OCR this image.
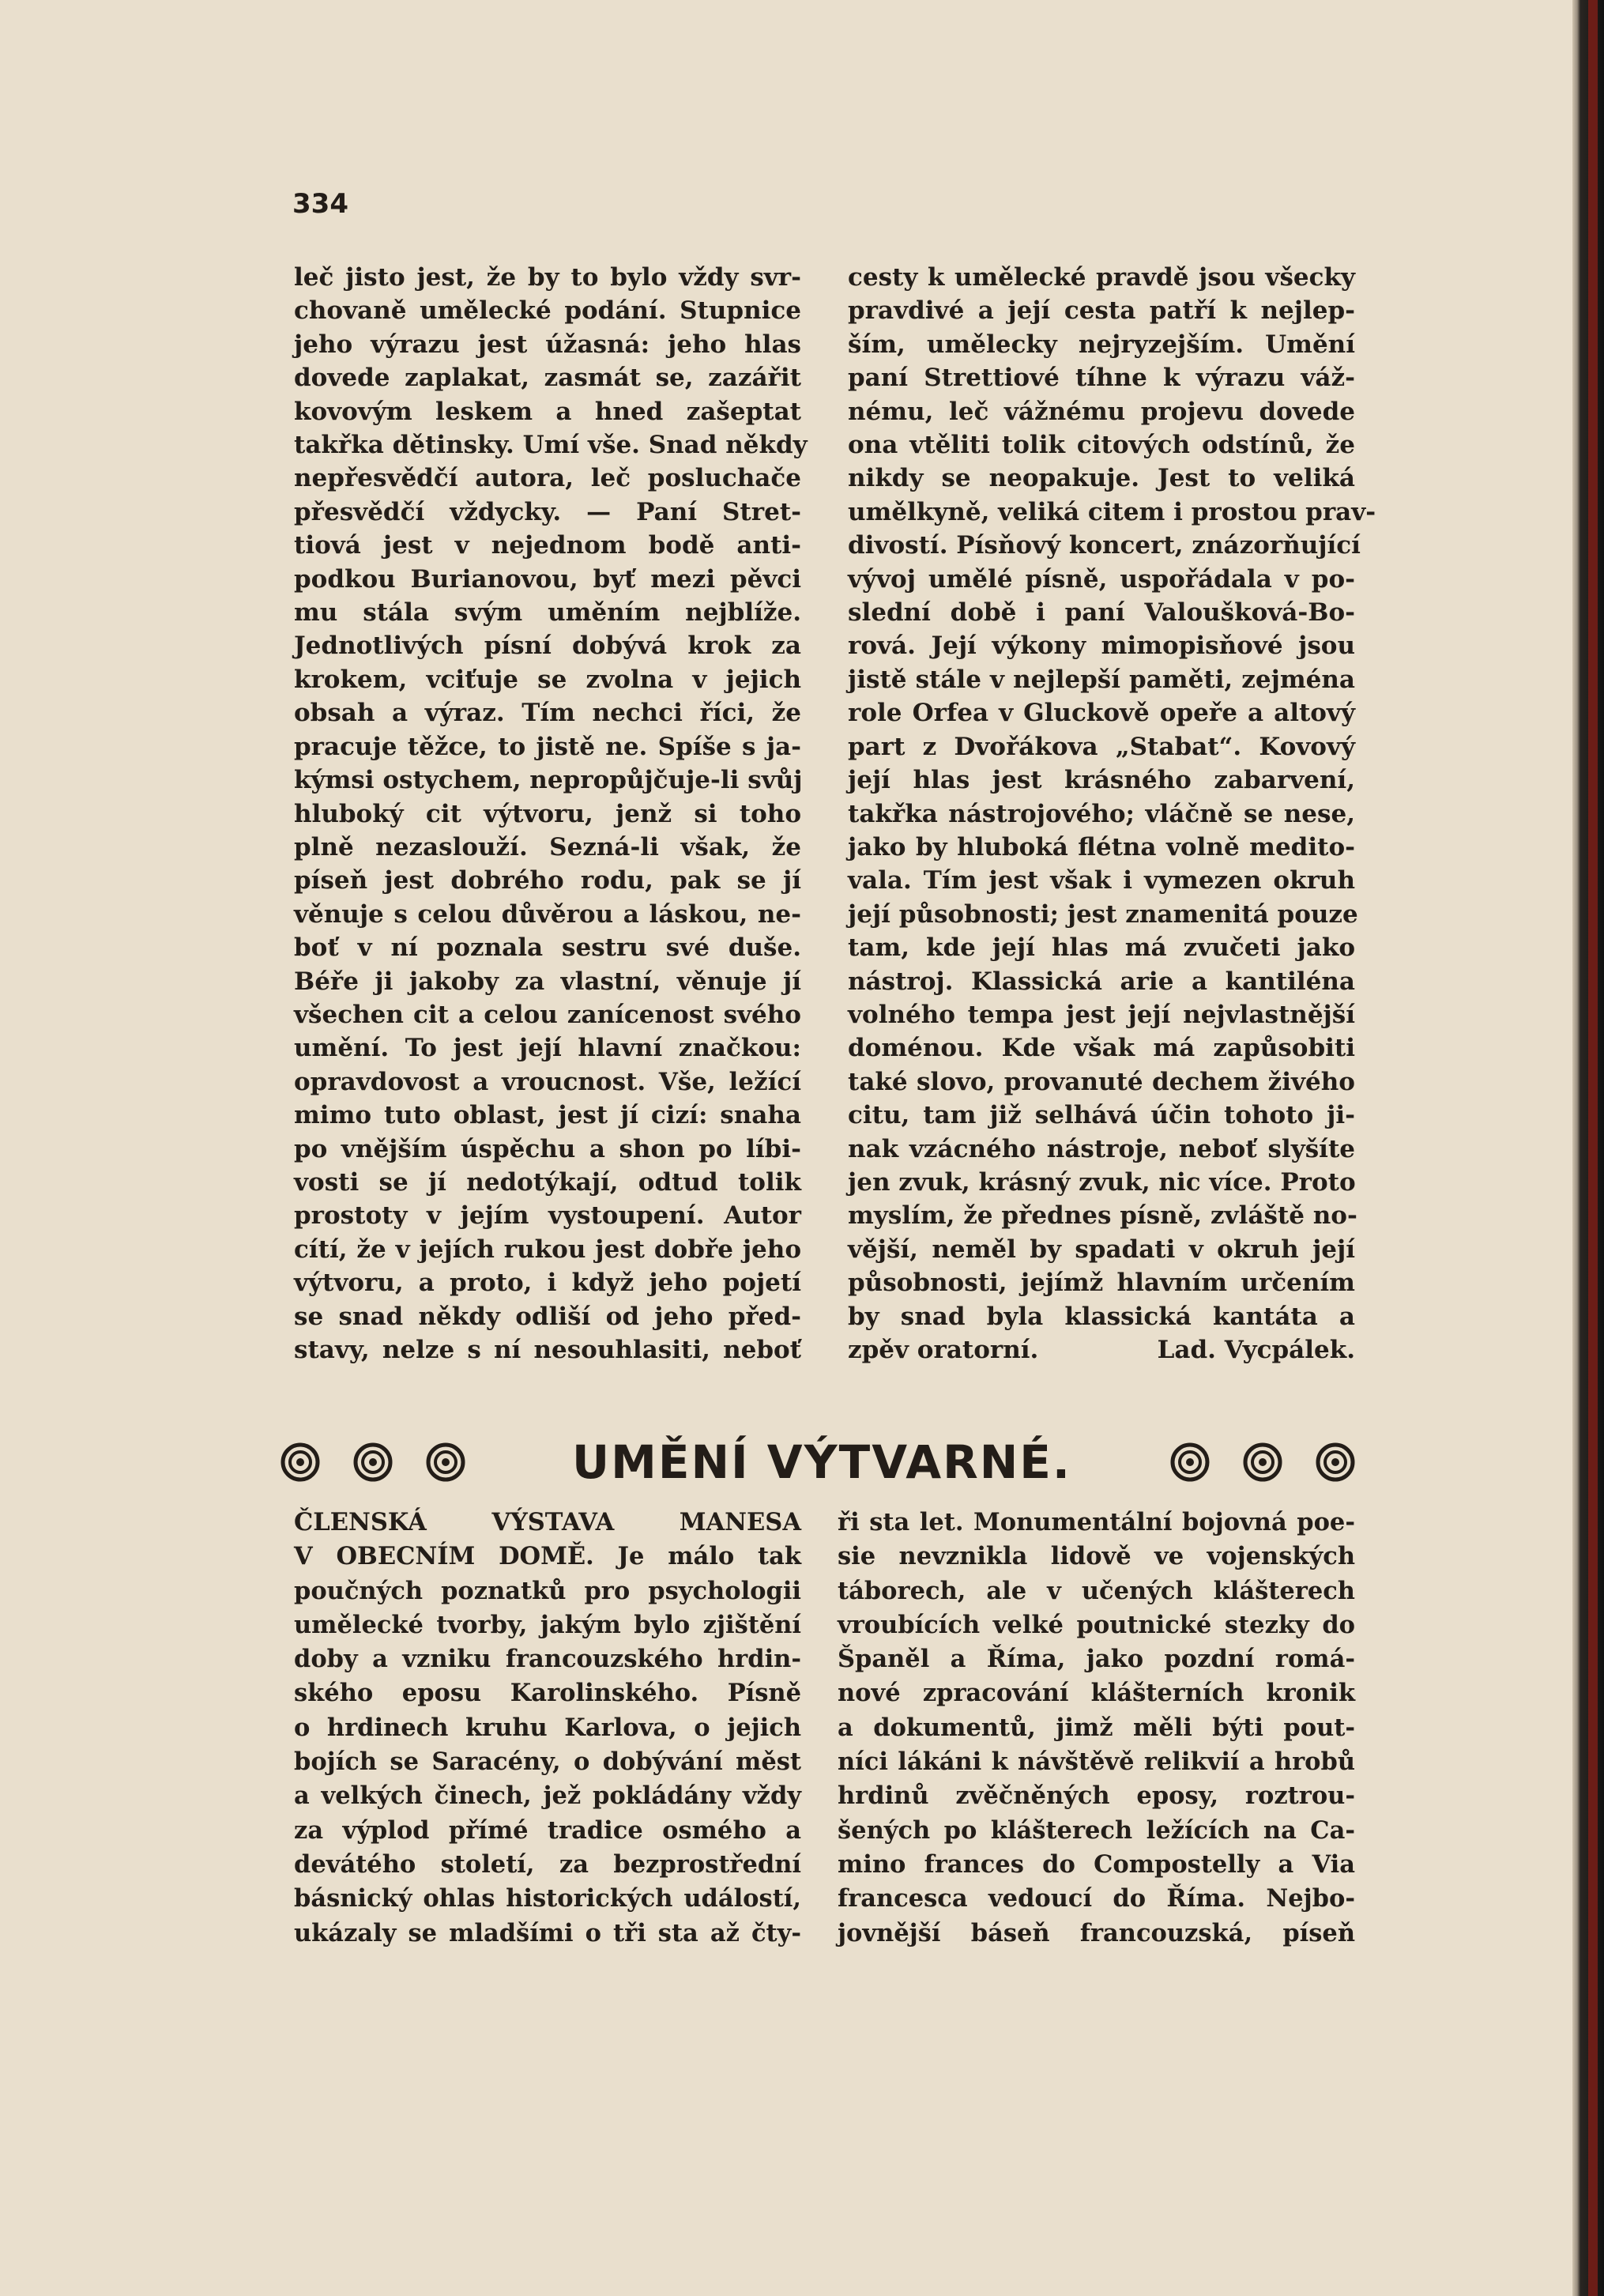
334
leč jisto jest, že by to bylo vždy svr-
chovaně umělecké podání. Stupnice
jeho výrazu jest úžasná: jeho hlas
dovede zaplakat, zasmát se, zazářit
kovovým leskem a hned zašeptat
takřka dětinsky. Umí vše. Snad někdy
nepřesvědčí autora, leč posluchače
přesvědčí vždycky. — Paní Stret-
tiová jest v nejednom bodě anti-
podkou Burianovou, byť mezi pěvci
mu stála svým uměním nejblíže.
Jednotlivých písní dobývá krok za
krokem, vciťuje se zvolna v jejich
obsah a výraz. Tím nechci říci, že
pracuje těžce, to jistě ne. Spíše s ja-
kýmsi ostychem, nepropůjčuje-li svůj
hluboký cit výtvoru, jenž si toho
plně nezaslouží. Sezná-li však, že
píseň jest dobrého rodu, pak se jí
věnuje s celou důvěrou a láskou, ne-
boť v ní poznala sestru své duše.
Béře ji jakoby za vlastní, věnuje jí
všechen cit a celou zanícenost svého
umění. To jest její hlavní značkou:
opravdovost a vroucnost. Vše, ležící
mimo tuto oblast, jest jí cizí: snaha
po vnějším úspěchu a shon po líbi-
vosti se jí nedotýkají, odtud tolik
prostoty v jejím vystoupení. Autor
cítí, že v jejích rukou jest dobře jeho
výtvoru, a proto, i když jeho pojetí
se snad někdy odliší od jeho před-
stavy, nelze s ní nesouhlasiti, neboť
cesty k umělecké pravdě jsou všecky
pravdivé a její cesta patří k nejlep-
ším, umělecky nejryzejším. Umění
paní Strettiové tíhne k výrazu váž-
nému, leč vážnému projevu dovede
ona vtěliti tolik citových odstínů, že
nikdy se neopakuje. Jest to veliká
umělkyně, veliká citem i prostou prav-
divostí. Písňový koncert, znázorňující
vývoj umělé písně, uspořádala v po-
slední době i paní Valoušková-Bo-
rová. Její výkony mimopisňové jsou
jistě stále v nejlepší paměti, zejména
role Orfea v Gluckově opeře a altový
part z Dvořákova „Stabat“. Kovový
její hlas jest krásného zabarvení,
takřka nástrojového; vláčně se nese,
jako by hluboká flétna volně medito-
vala. Tím jest však i vymezen okruh
její působnosti; jest znamenitá pouze
tam, kde její hlas má zvučeti jako
nástroj. Klassická arie a kantiléna
volného tempa jest její nejvlastnější
doménou. Kde však má zapůsobiti
také slovo, provanuté dechem živého
citu, tam již selhává účin tohoto ji-
nak vzácného nástroje, neboť slyšíte
jen zvuk, krásný zvuk, nic více. Proto
myslím, že přednes písně, zvláště no-
vější, neměl by spadati v okruh její
působnosti, jejímž hlavním určením
by snad byla klassická kantáta a
zpěv oratorní.	Lad. Vycpálek.
UMĚNÍ VÝTVARNÉ.
ČLENSKÁ VÝSTAVA MANESA
V OBECNÍM DOMĚ. Je málo tak
poučných poznatků pro psychologii
umělecké tvorby, jakým bylo zjištění
doby a vzniku francouzského hrdin-
ského eposu Karolinského. Písně
o hrdinech kruhu Karlova, o jejich
bojích se Saracény, o dobývání měst
a velkých činech, jež pokládány vždy
za výplod přímé tradice osmého a
devátého století, za bezprostřední
básnický ohlas historických událostí,
ukázaly se mladšími o tři sta až čty-
ři sta let. Monumentální bojovná poe-
sie nevznikla lidově ve vojenských
táborech, ale v učených klášterech
vroubících velké poutnické stezky do
Španěl a Říma, jako pozdní romá-
nové zpracování klášterních kronik
a dokumentů, jimž měli býti pout-
níci lákáni k návštěvě relikvií a hrobů
hrdinů zvěčněných eposy, roztrou-
šených po klášterech ležících na Ca-
mino frances do Compostelly a Via
francesca vedoucí do Říma. Nejbo-
jovnější báseň francouzská, píseň
